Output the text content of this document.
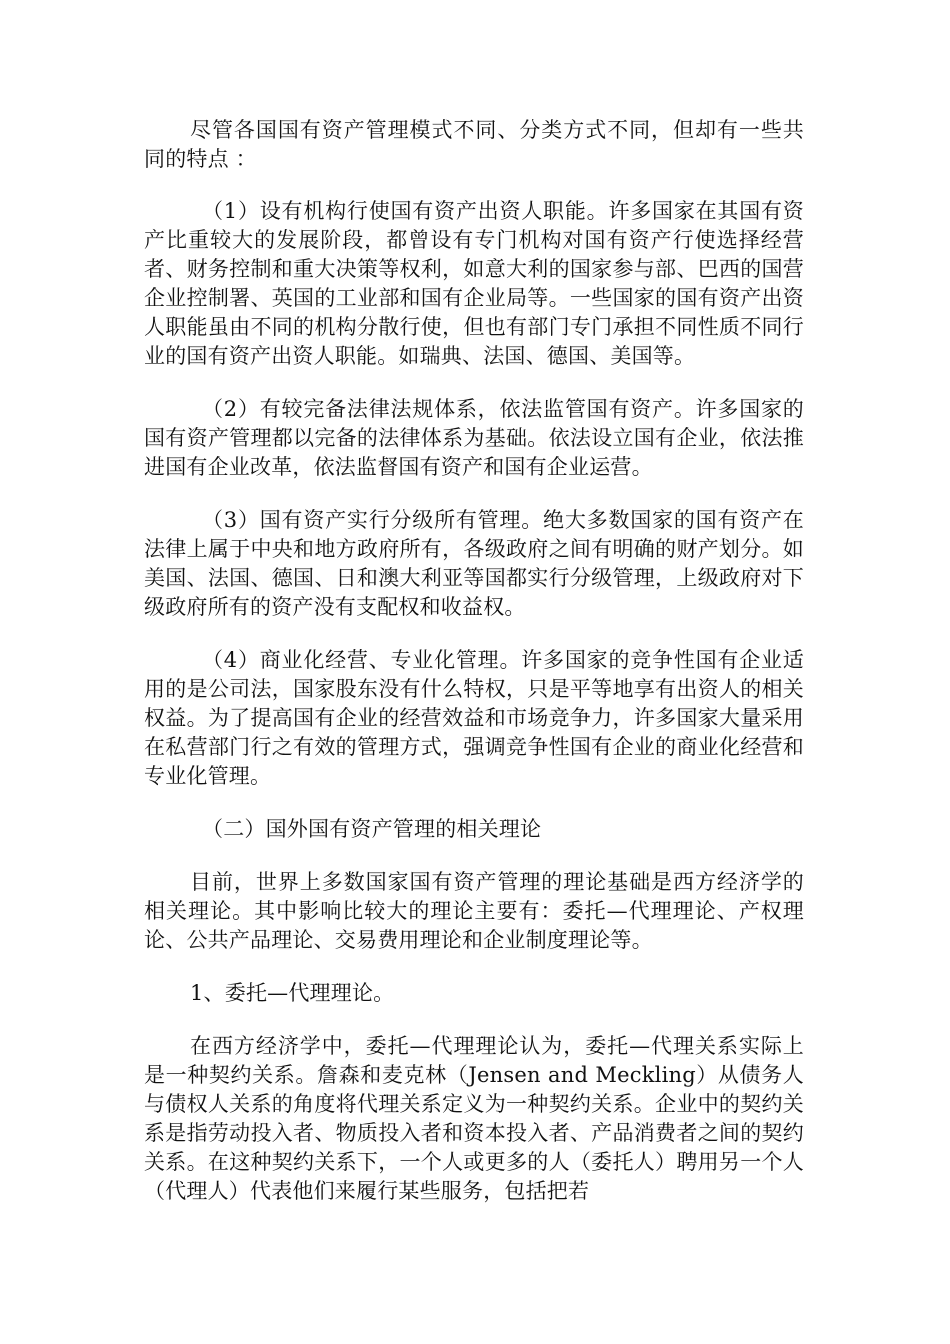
尽管各国国有资产管理模式不同、分类方式不同，但却有一些共同的特点 ：

（1）设有机构行使国有资产出资人职能。许多国家在其国有资产比重较大的发展阶段，都曾设有专门机构对国有资产行使选择经营者、财务控制和重大决策等权利，如意大利的国家参与部、巴西的国营企业控制署、英国的工业部和国有企业局等。一些国家的国有资产出资人职能虽由不同的机构分散行使，但也有部门专门承担不同性质不同行业的国有资产出资人职能。如瑞典、法国、德国、美国等。

（2）有较完备法律法规体系，依法监管国有资产。许多国家的国有资产管理都以完备的法律体系为基础。依法设立国有企业，依法推进国有企业改革，依法监督国有资产和国有企业运营。

（3）国有资产实行分级所有管理。绝大多数国家的国有资产在法律上属于中央和地方政府所有，各级政府之间有明确的财产划分。如美国、法国、德国、日和澳大利亚等国都实行分级管理，上级政府对下级政府所有的资产没有支配权和收益权。

（4）商业化经营、专业化管理。许多国家的竞争性国有企业适用的是公司法，国家股东没有什么特权，只是平等地享有出资人的相关权益。为了提高国有企业的经营效益和市场竞争力，许多国家大量采用在私营部门行之有效的管理方式，强调竞争性国有企业的商业化经营和专业化管理。

（二）国外国有资产管理的相关理论

目前，世界上多数国家国有资产管理的理论基础是西方经济学的相关理论。其中影响比较大的理论主要有：委托—代理理论、产权理论、公共产品理论、交易费用理论和企业制度理论等。

1、委托—代理理论。

在西方经济学中，委托—代理理论认为，委托—代理关系实际上是一种契约关系。詹森和麦克林（Jensen and Meckling）从债务人与债权人关系的角度将代理关系定义为一种契约关系。企业中的契约关系是指劳动投入者、物质投入者和资本投入者、产品消费者之间的契约关系。在这种契约关系下，一个人或更多的人（委托人）聘用另一个人（代理人）代表他们来履行某些服务，包括把若
